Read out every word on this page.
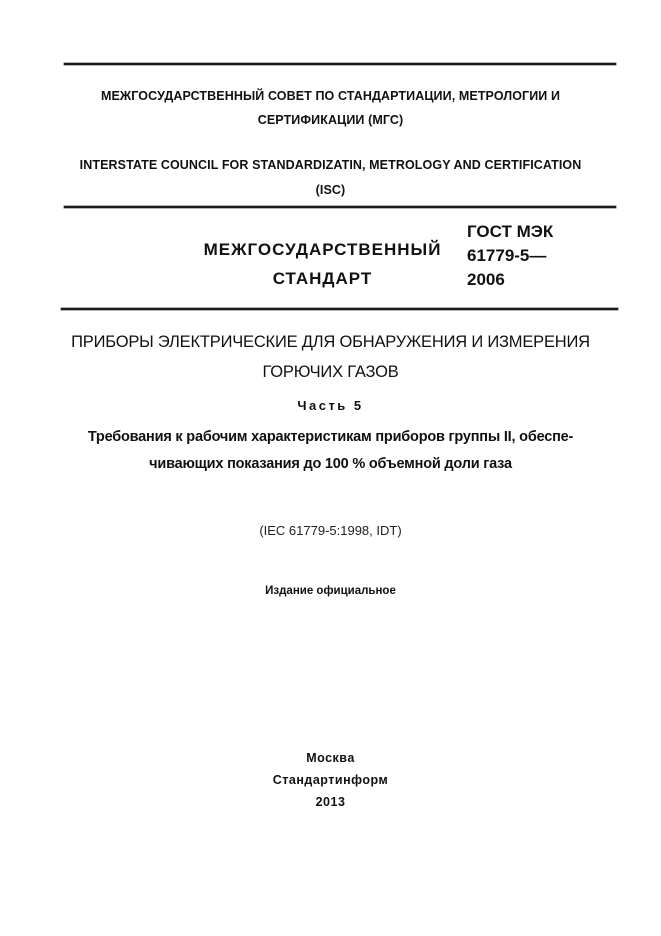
МЕЖГОСУДАРСТВЕННЫЙ СОВЕТ ПО СТАНДАРТИАЦИИ, МЕТРОЛОГИИ И
СЕРТИФИКАЦИИ (МГС)
INTERSTATE COUNCIL FOR STANDARDIZATIN, METROLOGY AND CERTIFICATION
(ISC)
МЕЖГОСУДАРСТВЕННЫЙ
СТАНДАРТ
ГОСТ МЭК
61779-5—
2006
ПРИБОРЫ ЭЛЕКТРИЧЕСКИЕ ДЛЯ ОБНАРУЖЕНИЯ И ИЗМЕРЕНИЯ
ГОРЮЧИХ ГАЗОВ
Часть 5
Требования к рабочим характеристикам приборов группы II, обеспе-
чивающих показания до 100 % объемной доли газа
(IEC 61779-5:1998, IDT)
Издание официальное
Москва
Стандартинформ
2013
